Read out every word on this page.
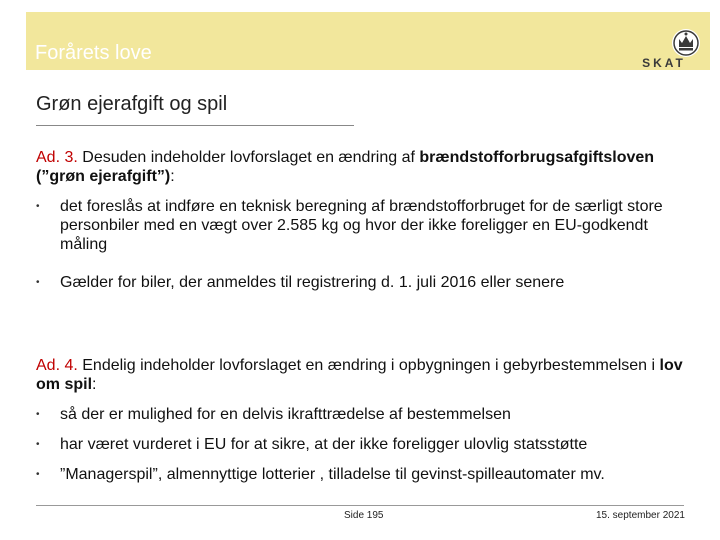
Forårets love	SKAT
Grøn ejerafgift og spil
Ad. 3. Desuden indeholder lovforslaget en ændring af brændstofforbrugsafgiftsloven (”grøn ejerafgift”):
• det foreslås at indføre en teknisk beregning af brændstofforbruget for de særligt store personbiler med en vægt over 2.585 kg og hvor der ikke foreligger en EU-godkendt måling
• Gælder for biler, der anmeldes til registrering d. 1. juli 2016 eller senere
Ad. 4. Endelig indeholder lovforslaget en ændring i opbygningen i gebyrbestemmelsen i lov om spil:
• så der er mulighed for en delvis ikrafttrædelse af bestemmelsen
• har været vurderet i EU for at sikre, at der ikke foreligger ulovlig statsstøtte
• ”Managerspil”, almennyttige lotterier , tilladelse til gevinst-spilleautomater mv.
Side 195	15. september 2021
